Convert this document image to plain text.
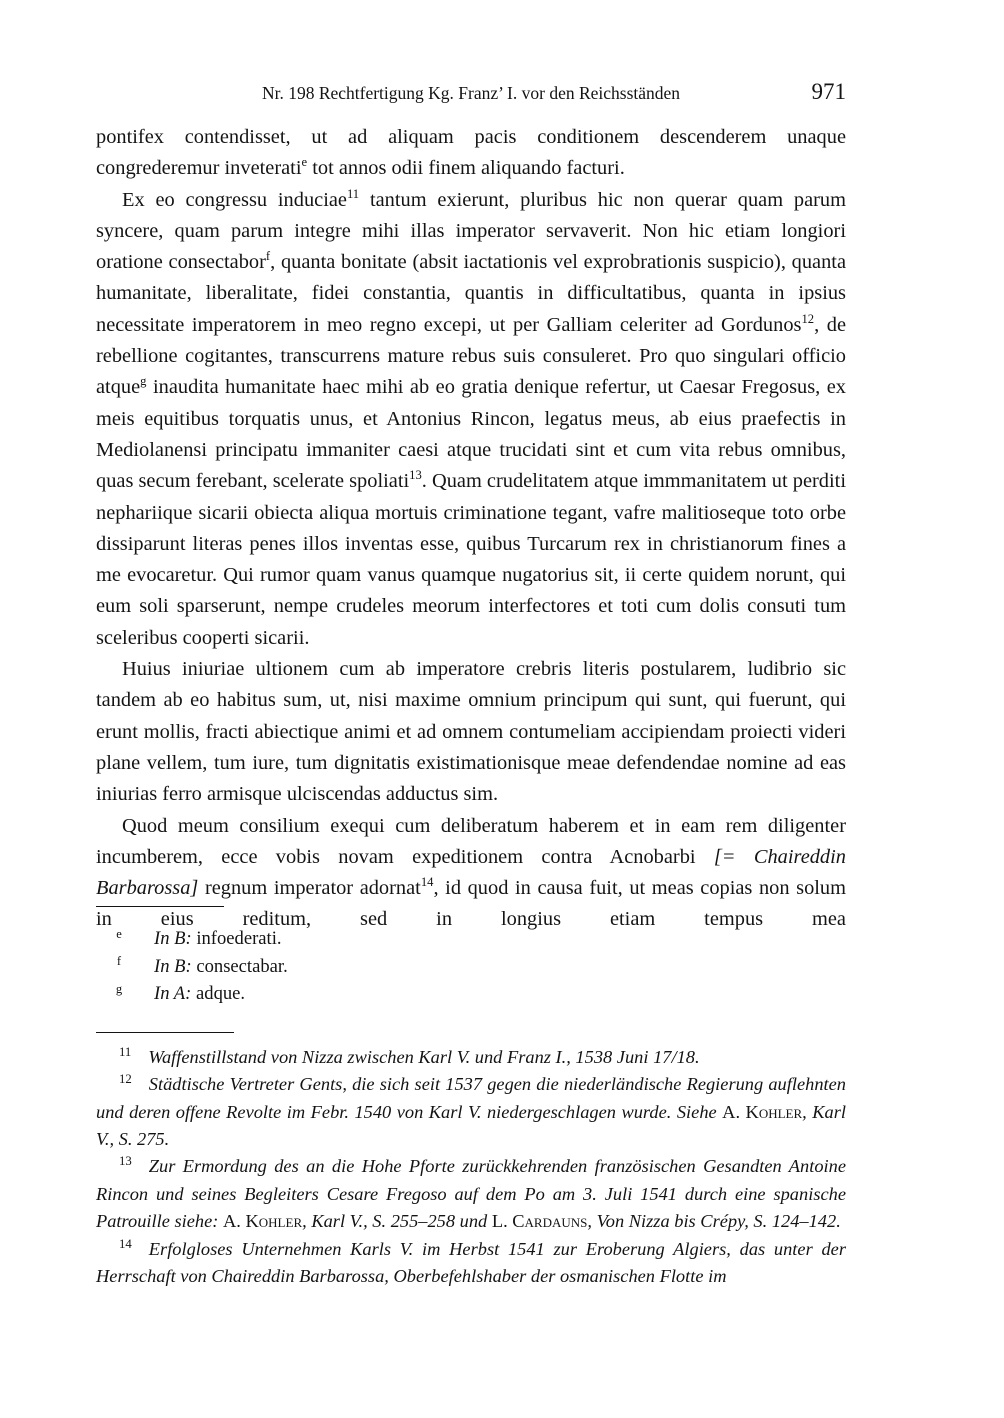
Nr. 198 Rechtfertigung Kg. Franz’ I. vor den Reichsständen	971

pontifex contendisset, ut ad aliquam pacis conditionem descenderem unaque congrederemur inveterati$^e$ tot annos odii finem aliquando facturi.

Ex eo congressu induciae$^{11}$ tantum exierunt, pluribus hic non querar quam parum syncere, quam parum integre mihi illas imperator servaverit. Non hic etiam longiori oratione consectabor$^f$, quanta bonitate (absit iactationis vel exprobrationis suspicio), quanta humanitate, liberalitate, fidei constantia, quantis in difficultatibus, quanta in ipsius necessitate imperatorem in meo regno excepi, ut per Galliam celeriter ad Gordunos$^{12}$, de rebellione cogitantes, transcurrens mature rebus suis consuleret. Pro quo singulari officio atque$^g$ inaudita humanitate haec mihi ab eo gratia denique refertur, ut Caesar Fregosus, ex meis equitibus torquatis unus, et Antonius Rincon, legatus meus, ab eius praefectis in Mediolanensi principatu immaniter caesi atque trucidati sint et cum vita rebus omnibus, quas secum ferebant, scelerate spoliati$^{13}$. Quam crudelitatem atque immmanitatem ut perditi nephariique sicarii obiecta aliqua mortuis criminatione tegant, vafre malitioseque toto orbe dissiparunt literas penes illos inventas esse, quibus Turcarum rex in christianorum fines a me evocaretur. Qui rumor quam vanus quamque nugatorius sit, ii certe quidem norunt, qui eum soli sparserunt, nempe crudeles meorum interfectores et toti cum dolis consuti tum sceleribus cooperti sicarii.

Huius iniuriae ultionem cum ab imperatore crebris literis postularem, ludibrio sic tandem ab eo habitus sum, ut, nisi maxime omnium principum qui sunt, qui fuerunt, qui erunt mollis, fracti abiectique animi et ad omnem contumeliam accipiendam proiecti videri plane vellem, tum iure, tum dignitatis existimationisque meae defendendae nomine ad eas iniurias ferro armisque ulciscendas adductus sim.

Quod meum consilium exequi cum deliberatum haberem et in eam rem diligenter incumberem, ecce vobis novam expeditionem contra Acnobarbi [= Chaireddin Barbarossa] regnum imperator adornat$^{14}$, id quod in causa fuit, ut meas copias non solum in eius reditum, sed in longius etiam tempus mea

e	In B: infoederati.
f	In B: consectabar.
g	In A: adque.
$^{11}$ Waffenstillstand von Nizza zwischen Karl V. und Franz I., 1538 Juni 17/18.
$^{12}$ Städtische Vertreter Gents, die sich seit 1537 gegen die niederländische Regierung auflehnten und deren offene Revolte im Febr. 1540 von Karl V. niedergeschlagen wurde. Siehe A. Kohler, Karl V., S. 275.
$^{13}$ Zur Ermordung des an die Hohe Pforte zurückkehrenden französischen Gesandten Antoine Rincon und seines Begleiters Cesare Fregoso auf dem Po am 3. Juli 1541 durch eine spanische Patrouille siehe: A. Kohler, Karl V., S. 255–258 und L. Cardauns, Von Nizza bis Crépy, S. 124–142.
$^{14}$ Erfolgloses Unternehmen Karls V. im Herbst 1541 zur Eroberung Algiers, das unter der Herrschaft von Chaireddin Barbarossa, Oberbefehlshaber der osmanischen Flotte im
